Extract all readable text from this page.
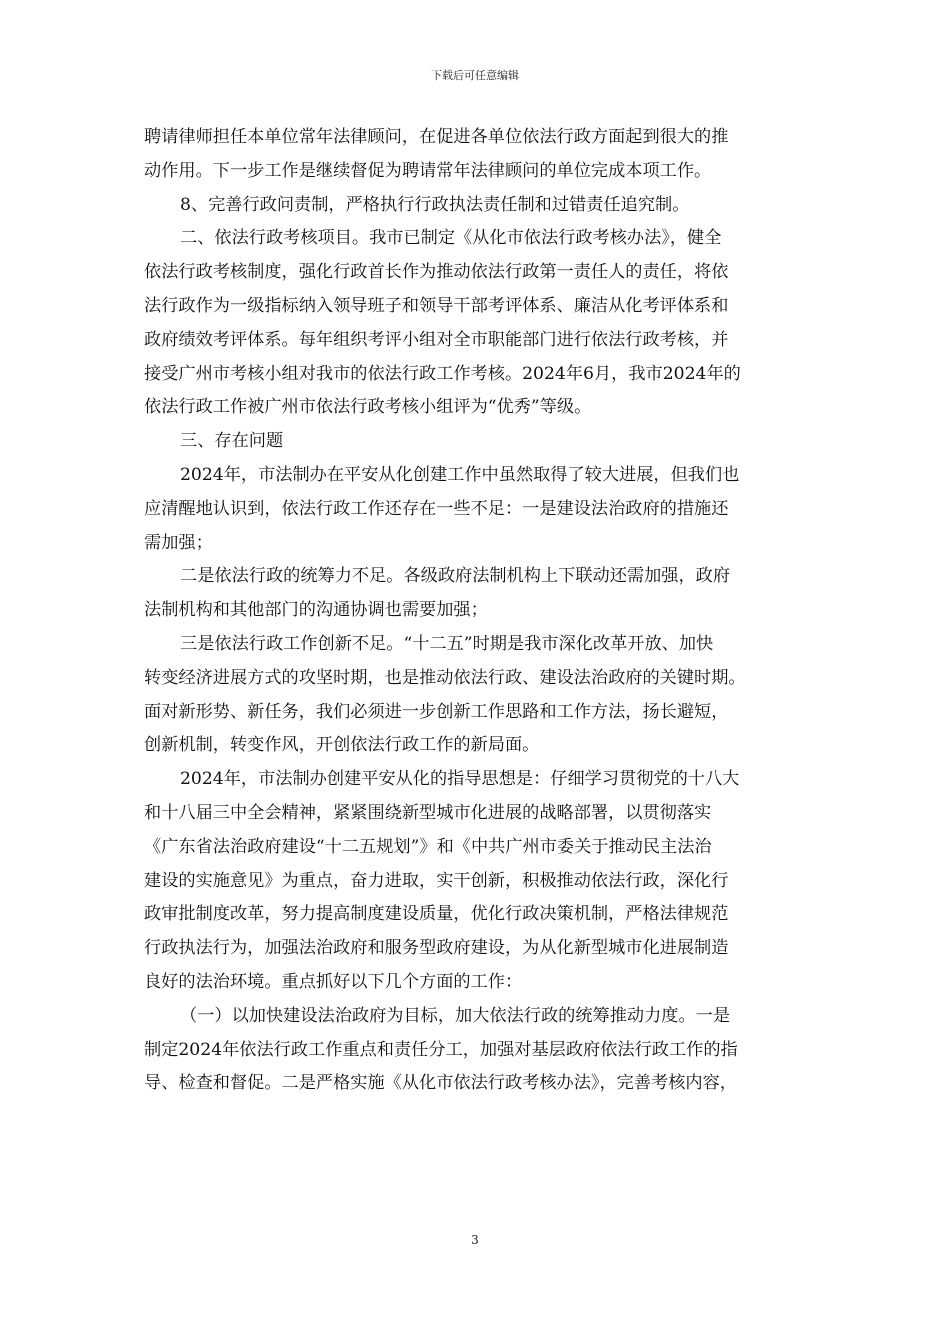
下载后可任意编辑
聘请律师担任本单位常年法律顾问，在促进各单位依法行政方面起到很大的推
动作用。下一步工作是继续督促为聘请常年法律顾问的单位完成本项工作。
8、完善行政问责制，严格执行行政执法责任制和过错责任追究制。
二、依法行政考核项目。我市已制定《从化市依法行政考核办法》，健全
依法行政考核制度，强化行政首长作为推动依法行政第一责任人的责任，将依
法行政作为一级指标纳入领导班子和领导干部考评体系、廉洁从化考评体系和
政府绩效考评体系。每年组织考评小组对全市职能部门进行依法行政考核，并
接受广州市考核小组对我市的依法行政工作考核。2024年6月，我市2024年的
依法行政工作被广州市依法行政考核小组评为“优秀”等级。
三、存在问题
2024年，市法制办在平安从化创建工作中虽然取得了较大进展，但我们也
应清醒地认识到，依法行政工作还存在一些不足：一是建设法治政府的措施还
需加强；
二是依法行政的统筹力不足。各级政府法制机构上下联动还需加强，政府
法制机构和其他部门的沟通协调也需要加强；
三是依法行政工作创新不足。“十二五”时期是我市深化改革开放、加快
转变经济进展方式的攻坚时期，也是推动依法行政、建设法治政府的关键时期。
面对新形势、新任务，我们必须进一步创新工作思路和工作方法，扬长避短，
创新机制，转变作风，开创依法行政工作的新局面。
2024年，市法制办创建平安从化的指导思想是：仔细学习贯彻党的十八大
和十八届三中全会精神，紧紧围绕新型城市化进展的战略部署，以贯彻落实
《广东省法治政府建设“十二五规划”》和《中共广州市委关于推动民主法治
建设的实施意见》为重点，奋力进取，实干创新，积极推动依法行政，深化行
政审批制度改革，努力提高制度建设质量，优化行政决策机制，严格法律规范
行政执法行为，加强法治政府和服务型政府建设，为从化新型城市化进展制造
良好的法治环境。重点抓好以下几个方面的工作：
（一）以加快建设法治政府为目标，加大依法行政的统筹推动力度。一是
制定2024年依法行政工作重点和责任分工，加强对基层政府依法行政工作的指
导、检查和督促。二是严格实施《从化市依法行政考核办法》，完善考核内容，
3
